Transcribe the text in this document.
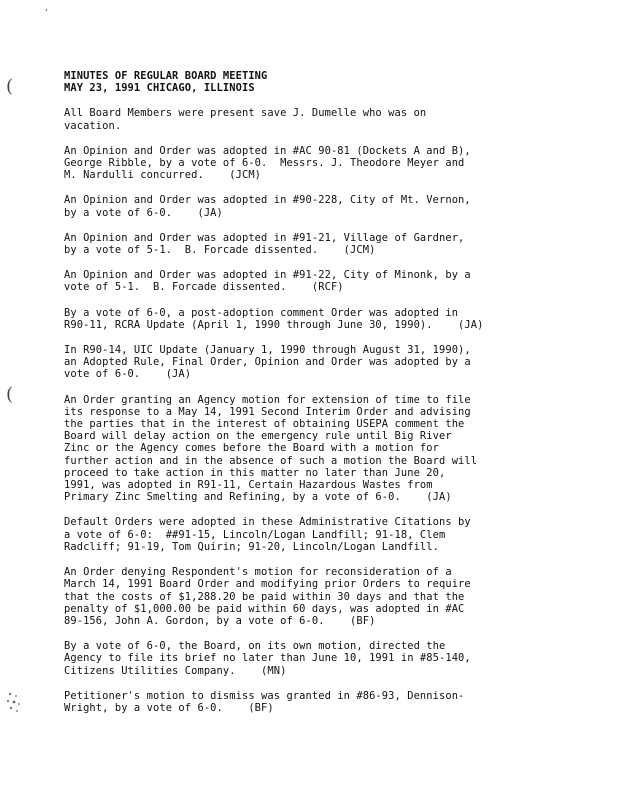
ʻ
(
(
MINUTES OF REGULAR BOARD MEETING
MAY 23, 1991 CHICAGO, ILLINOIS
All Board Members were present save J. Dumelle who was on
vacation.
An Opinion and Order was adopted in #AC 90-81 (Dockets A and B),
George Ribble, by a vote of 6-0.  Messrs. J. Theodore Meyer and
M. Nardulli concurred.    (JCM)
An Opinion and Order was adopted in #90-228, City of Mt. Vernon,
by a vote of 6-0.    (JA)
An Opinion and Order was adopted in #91-21, Village of Gardner,
by a vote of 5-1.  B. Forcade dissented.    (JCM)
An Opinion and Order was adopted in #91-22, City of Minonk, by a
vote of 5-1.  B. Forcade dissented.    (RCF)
By a vote of 6-0, a post-adoption comment Order was adopted in
R90-11, RCRA Update (April 1, 1990 through June 30, 1990).    (JA)
In R90-14, UIC Update (January 1, 1990 through August 31, 1990),
an Adopted Rule, Final Order, Opinion and Order was adopted by a
vote of 6-0.    (JA)
An Order granting an Agency motion for extension of time to file
its response to a May 14, 1991 Second Interim Order and advising
the parties that in the interest of obtaining USEPA comment the
Board will delay action on the emergency rule until Big River
Zinc or the Agency comes before the Board with a motion for
further action and in the absence of such a motion the Board will
proceed to take action in this matter no later than June 20,
1991, was adopted in R91-11, Certain Hazardous Wastes from
Primary Zinc Smelting and Refining, by a vote of 6-0.    (JA)
Default Orders were adopted in these Administrative Citations by
a vote of 6-0:  ##91-15, Lincoln/Logan Landfill; 91-18, Clem
Radcliff; 91-19, Tom Quirin; 91-20, Lincoln/Logan Landfill.
An Order denying Respondent's motion for reconsideration of a
March 14, 1991 Board Order and modifying prior Orders to require
that the costs of $1,288.20 be paid within 30 days and that the
penalty of $1,000.00 be paid within 60 days, was adopted in #AC
89-156, John A. Gordon, by a vote of 6-0.    (BF)
By a vote of 6-0, the Board, on its own motion, directed the
Agency to file its brief no later than June 10, 1991 in #85-140,
Citizens Utilities Company.    (MN)
Petitioner's motion to dismiss was granted in #86-93, Dennison-
Wright, by a vote of 6-0.    (BF)
